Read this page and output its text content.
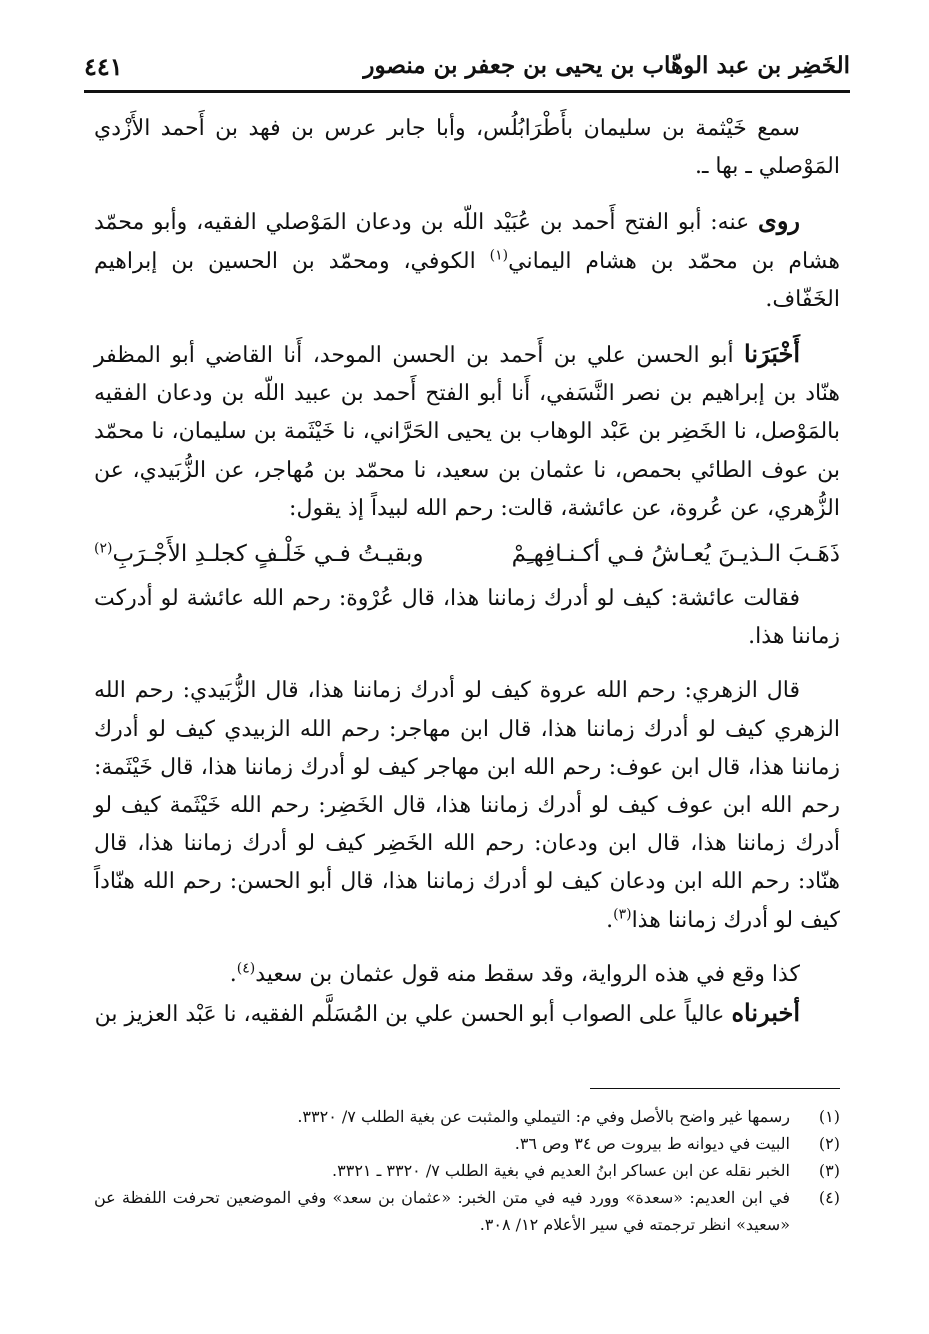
الخَضِر بن عبد الوهّاب بن يحيى بن جعفر بن منصور
٤٤١

سمع خَيْثمة بن سليمان بأَطْرَابُلُس، وأبا جابر عرس بن فهد بن أَحمد الأَزْدي المَوْصلي ـ بها ـ.

روى عنه: أبو الفتح أَحمد بن عُبَيْد اللّه بن ودعان المَوْصلي الفقيه، وأبو محمّد هشام بن محمّد بن هشام اليماني$^{(١)}$ الكوفي، ومحمّد بن الحسين بن إبراهيم الخَفّاف.

أَخْبَرَنا أبو الحسن علي بن أَحمد بن الحسن الموحد، أَنا القاضي أبو المظفر هنّاد بن إبراهيم بن نصر النَّسَفي، أَنا أبو الفتح أَحمد بن عبيد اللّه بن ودعان الفقيه بالمَوْصل، نا الخَضِر بن عَبْد الوهاب بن يحيى الحَرَّاني، نا خَيْثَمة بن سليمان، نا محمّد بن عوف الطائي بحمص، نا عثمان بن سعيد، نا محمّد بن مُهاجر، عن الزُّبَيدي، عن الزُّهري، عن عُروة، عن عائشة، قالت: رحم الله لبيداً إذ يقول:

ذَهَـبَ الـذيـنَ يُعـاشُ فـي أكـنـافِهـِمْ
وبقيـتُ فـي خَلْـفٍ كجلـدِ الأَجْـرَبِ$^{(٢)}$

فقالت عائشة: كيف لو أدرك زماننا هذا، قال عُرْوة: رحم الله عائشة لو أدركت زماننا هذا.

قال الزهري: رحم الله عروة كيف لو أدرك زماننا هذا، قال الزُّبَيدي: رحم الله الزهري كيف لو أدرك زماننا هذا، قال ابن مهاجر: رحم الله الزبيدي كيف لو أدرك زماننا هذا، قال ابن عوف: رحم الله ابن مهاجر كيف لو أدرك زماننا هذا، قال خَيْثَمة: رحم الله ابن عوف كيف لو أدرك زماننا هذا، قال الخَضِر: رحم الله خَيْثَمة كيف لو أدرك زماننا هذا، قال ابن ودعان: رحم الله الخَضِر كيف لو أدرك زماننا هذا، قال هنّاد: رحم الله ابن ودعان كيف لو أدرك زماننا هذا، قال أبو الحسن: رحم الله هنّاداً كيف لو أدرك زماننا هذا$^{(٣)}$.

كذا وقع في هذه الرواية، وقد سقط منه قول عثمان بن سعيد$^{(٤)}$.

أخبرناه عالياً على الصواب أبو الحسن علي بن المُسَلَّم الفقيه، نا عَبْد العزيز بن

(١)
رسمها غير واضح بالأصل وفي م: التيملي والمثبت عن بغية الطلب ٧/ ٣٣٢٠.
(٢)
البيت في ديوانه ط بيروت ص ٣٤ وص ٣٦.
(٣)
الخبر نقله عن ابن عساكر ابنُ العديم في بغية الطلب ٧/ ٣٣٢٠ ـ ٣٣٢١.
(٤)
في ابن العديم: «سعدة» وورد فيه في متن الخبر: «عثمان بن سعد» وفي الموضعين تحرفت اللفظة عن «سعيد» انظر ترجمته في سير الأعلام ١٢/ ٣٠٨.
